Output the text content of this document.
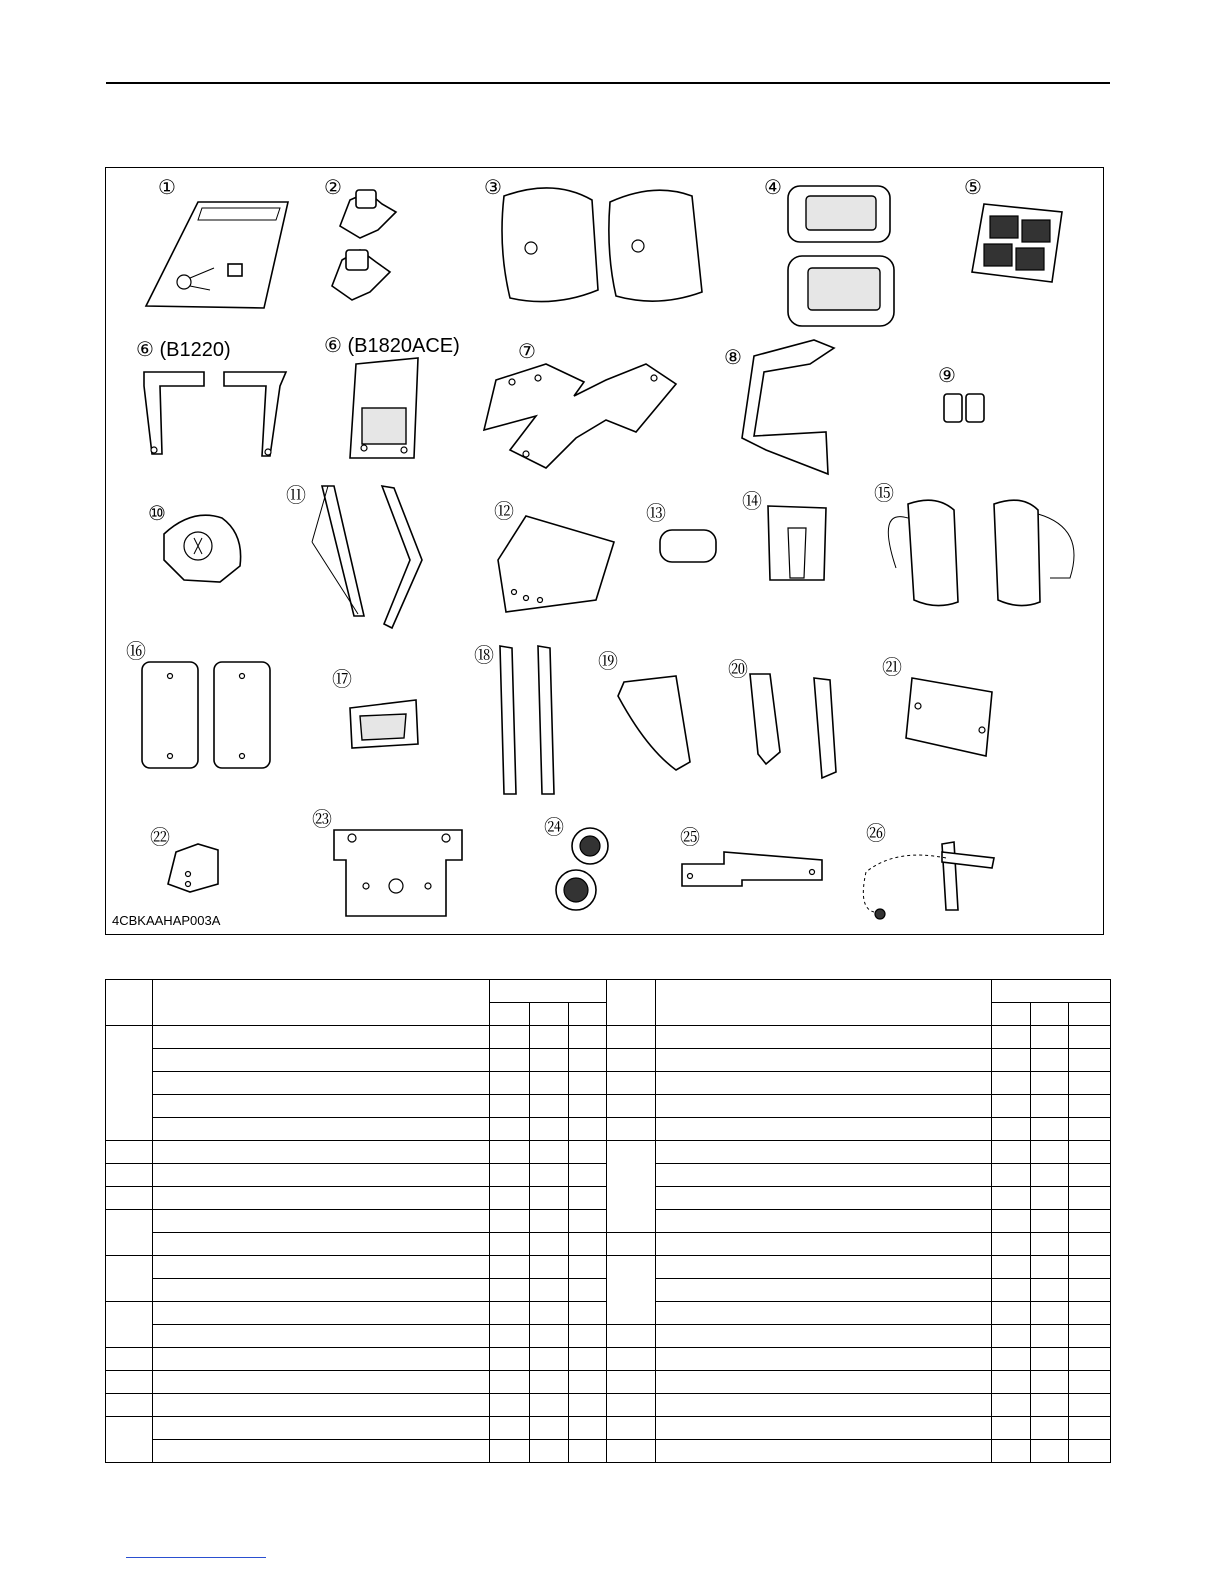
①	②	③	④	⑤
⑥ (B1220)	⑥ (B1820ACE)	⑦	⑧
⑨
⑩
⑪
⑫	⑬	⑭	⑮
⑯
⑰
⑱	⑲	⑳	㉑
㉒
㉓	㉔	㉕	㉖
4CBKAAHAP003A
